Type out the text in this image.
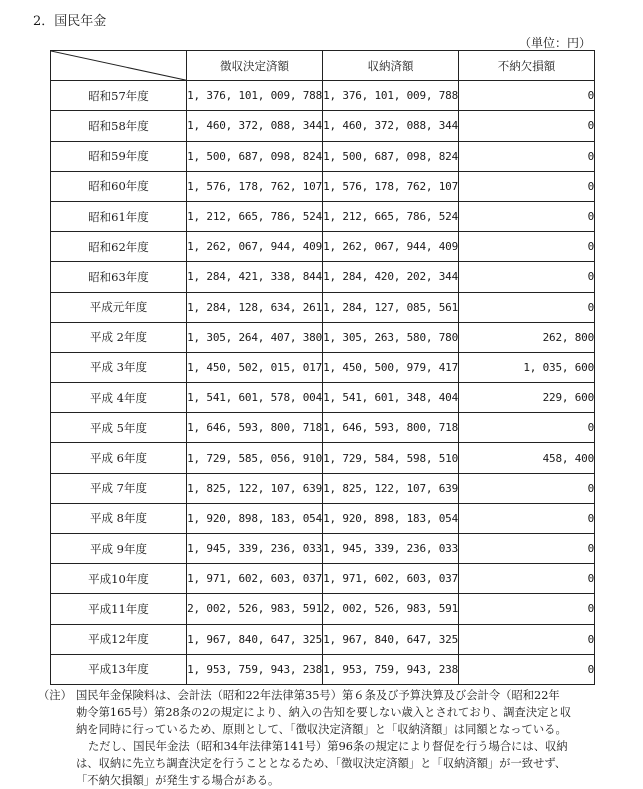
2．国民年金
（単位：円）
	徴収決定済額	収納済額	不納欠損額
昭和57年度	1, 376, 101, 009, 788	1, 376, 101, 009, 788	0
昭和58年度	1, 460, 372, 088, 344	1, 460, 372, 088, 344	0
昭和59年度	1, 500, 687, 098, 824	1, 500, 687, 098, 824	0
昭和60年度	1, 576, 178, 762, 107	1, 576, 178, 762, 107	0
昭和61年度	1, 212, 665, 786, 524	1, 212, 665, 786, 524	0
昭和62年度	1, 262, 067, 944, 409	1, 262, 067, 944, 409	0
昭和63年度	1, 284, 421, 338, 844	1, 284, 420, 202, 344	0
平成元年度	1, 284, 128, 634, 261	1, 284, 127, 085, 561	0
平成 2年度	1, 305, 264, 407, 380	1, 305, 263, 580, 780	262, 800
平成 3年度	1, 450, 502, 015, 017	1, 450, 500, 979, 417	1, 035, 600
平成 4年度	1, 541, 601, 578, 004	1, 541, 601, 348, 404	229, 600
平成 5年度	1, 646, 593, 800, 718	1, 646, 593, 800, 718	0
平成 6年度	1, 729, 585, 056, 910	1, 729, 584, 598, 510	458, 400
平成 7年度	1, 825, 122, 107, 639	1, 825, 122, 107, 639	0
平成 8年度	1, 920, 898, 183, 054	1, 920, 898, 183, 054	0
平成 9年度	1, 945, 339, 236, 033	1, 945, 339, 236, 033	0
平成10年度	1, 971, 602, 603, 037	1, 971, 602, 603, 037	0
平成11年度	2, 002, 526, 983, 591	2, 002, 526, 983, 591	0
平成12年度	1, 967, 840, 647, 325	1, 967, 840, 647, 325	0
平成13年度	1, 953, 759, 943, 238	1, 953, 759, 943, 238	0

（注） 国民年金保険料は、会計法（昭和22年法律第35号）第６条及び予算決算及び会計令（昭和22年

勅令第165号）第28条の2の規定により、納入の告知を要しない歳入とされており、調査決定と収

納を同時に行っているため、原則として、「徴収決定済額」と「収納済額」は同額となっている。

ただし、国民年金法（昭和34年法律第141号）第96条の規定により督促を行う場合には、収納

は、収納に先立ち調査決定を行うこととなるため、「徴収決定済額」と「収納済額」が一致せず、

「不納欠損額」が発生する場合がある。
